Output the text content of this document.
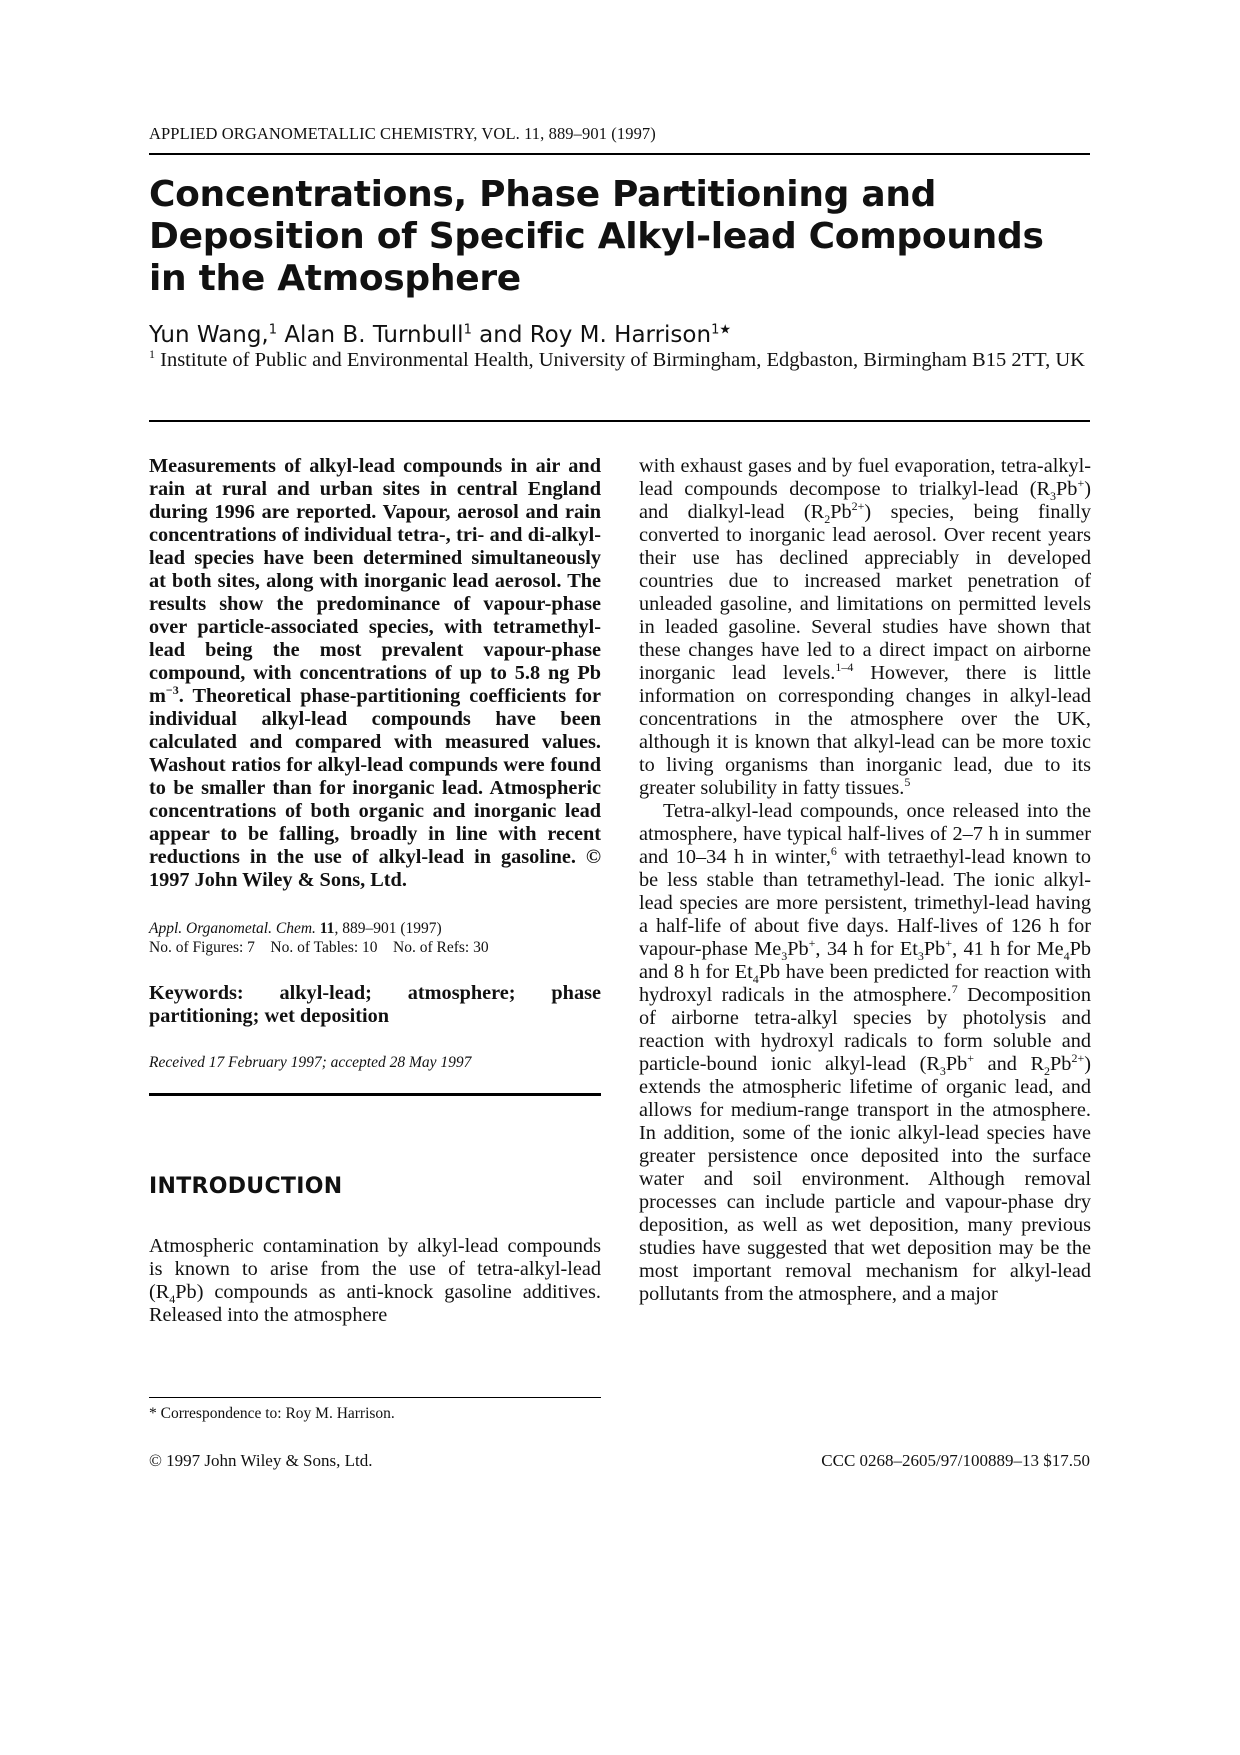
APPLIED ORGANOMETALLIC CHEMISTRY, VOL. 11, 889–901 (1997)
Concentrations, Phase Partitioning and
Deposition of Specific Alkyl-lead Compounds
in the Atmosphere
Yun Wang,$^1$ Alan B. Turnbull$^1$ and Roy M. Harrison$^{1★}$
$^1$ Institute of Public and Environmental Health, University of Birmingham, Edgbaston, Birmingham B15 2TT, UK

Measurements of alkyl-lead compounds in air and rain at rural and urban sites in central England during 1996 are reported. Vapour, aerosol and rain concentrations of individual tetra-, tri- and di-alkyl-lead species have been determined simultaneously at both sites, along with inorganic lead aerosol. The results show the predominance of vapour-phase over particle-associated species, with tetramethyl-lead being the most prevalent vapour-phase compound, with concentrations of up to 5.8 ng Pb $m^{-3}$. Theoretical phase-partitioning coefficients for individual alkyl-lead compounds have been calculated and compared with measured values. Washout ratios for alkyl-lead compunds were found to be smaller than for inorganic lead. Atmospheric concentrations of both organic and inorganic lead appear to be falling, broadly in line with recent reductions in the use of alkyl-lead in gasoline. © 1997 John Wiley & Sons, Ltd.

Appl. Organometal. Chem. 11, 889–901 (1997)
No. of Figures: 7    No. of Tables: 10    No. of Refs: 30
Keywords: alkyl-lead; atmosphere; phase partitioning; wet deposition
Received 17 February 1997; accepted 28 May 1997
INTRODUCTION

Atmospheric contamination by alkyl-lead compounds is known to arise from the use of tetra-alkyl-lead $(R_4Pb)$ compounds as anti-knock gasoline additives. Released into the atmosphere

* Correspondence to: Roy M. Harrison.

with exhaust gases and by fuel evaporation, tetra-alkyl-lead compounds decompose to trialkyl-lead $(R_3Pb^+)$ and dialkyl-lead $(R_2Pb^{2+})$ species, being finally converted to inorganic lead aerosol. Over recent years their use has declined appreciably in developed countries due to increased market penetration of unleaded gasoline, and limitations on permitted levels in leaded gasoline. Several studies have shown that these changes have led to a direct impact on airborne inorganic lead levels.$^{1-4}$ However, there is little information on corresponding changes in alkyl-lead concentrations in the atmosphere over the UK, although it is known that alkyl-lead can be more toxic to living organisms than inorganic lead, due to its greater solubility in fatty tissues.$^5$

Tetra-alkyl-lead compounds, once released into the atmosphere, have typical half-lives of 2–7 h in summer and 10–34 h in winter,$^6$ with tetraethyl-lead known to be less stable than tetramethyl-lead. The ionic alkyl-lead species are more persistent, trimethyl-lead having a half-life of about five days. Half-lives of 126 h for vapour-phase $Me_3Pb^+$, 34 h for $Et_3Pb^+$, 41 h for $Me_4Pb$ and 8 h for $Et_4Pb$ have been predicted for reaction with hydroxyl radicals in the atmosphere.$^7$ Decomposition of airborne tetra-alkyl species by photolysis and reaction with hydroxyl radicals to form soluble and particle-bound ionic alkyl-lead ($R_3Pb^+$ and $R_2Pb^{2+}$) extends the atmospheric lifetime of organic lead, and allows for medium-range transport in the atmosphere. In addition, some of the ionic alkyl-lead species have greater persistence once deposited into the surface water and soil environment. Although removal processes can include particle and vapour-phase dry deposition, as well as wet deposition, many previous studies have suggested that wet deposition may be the most important removal mechanism for alkyl-lead pollutants from the atmosphere, and a major

© 1997 John Wiley & Sons, Ltd.	CCC 0268–2605/97/100889–13 $17.50
